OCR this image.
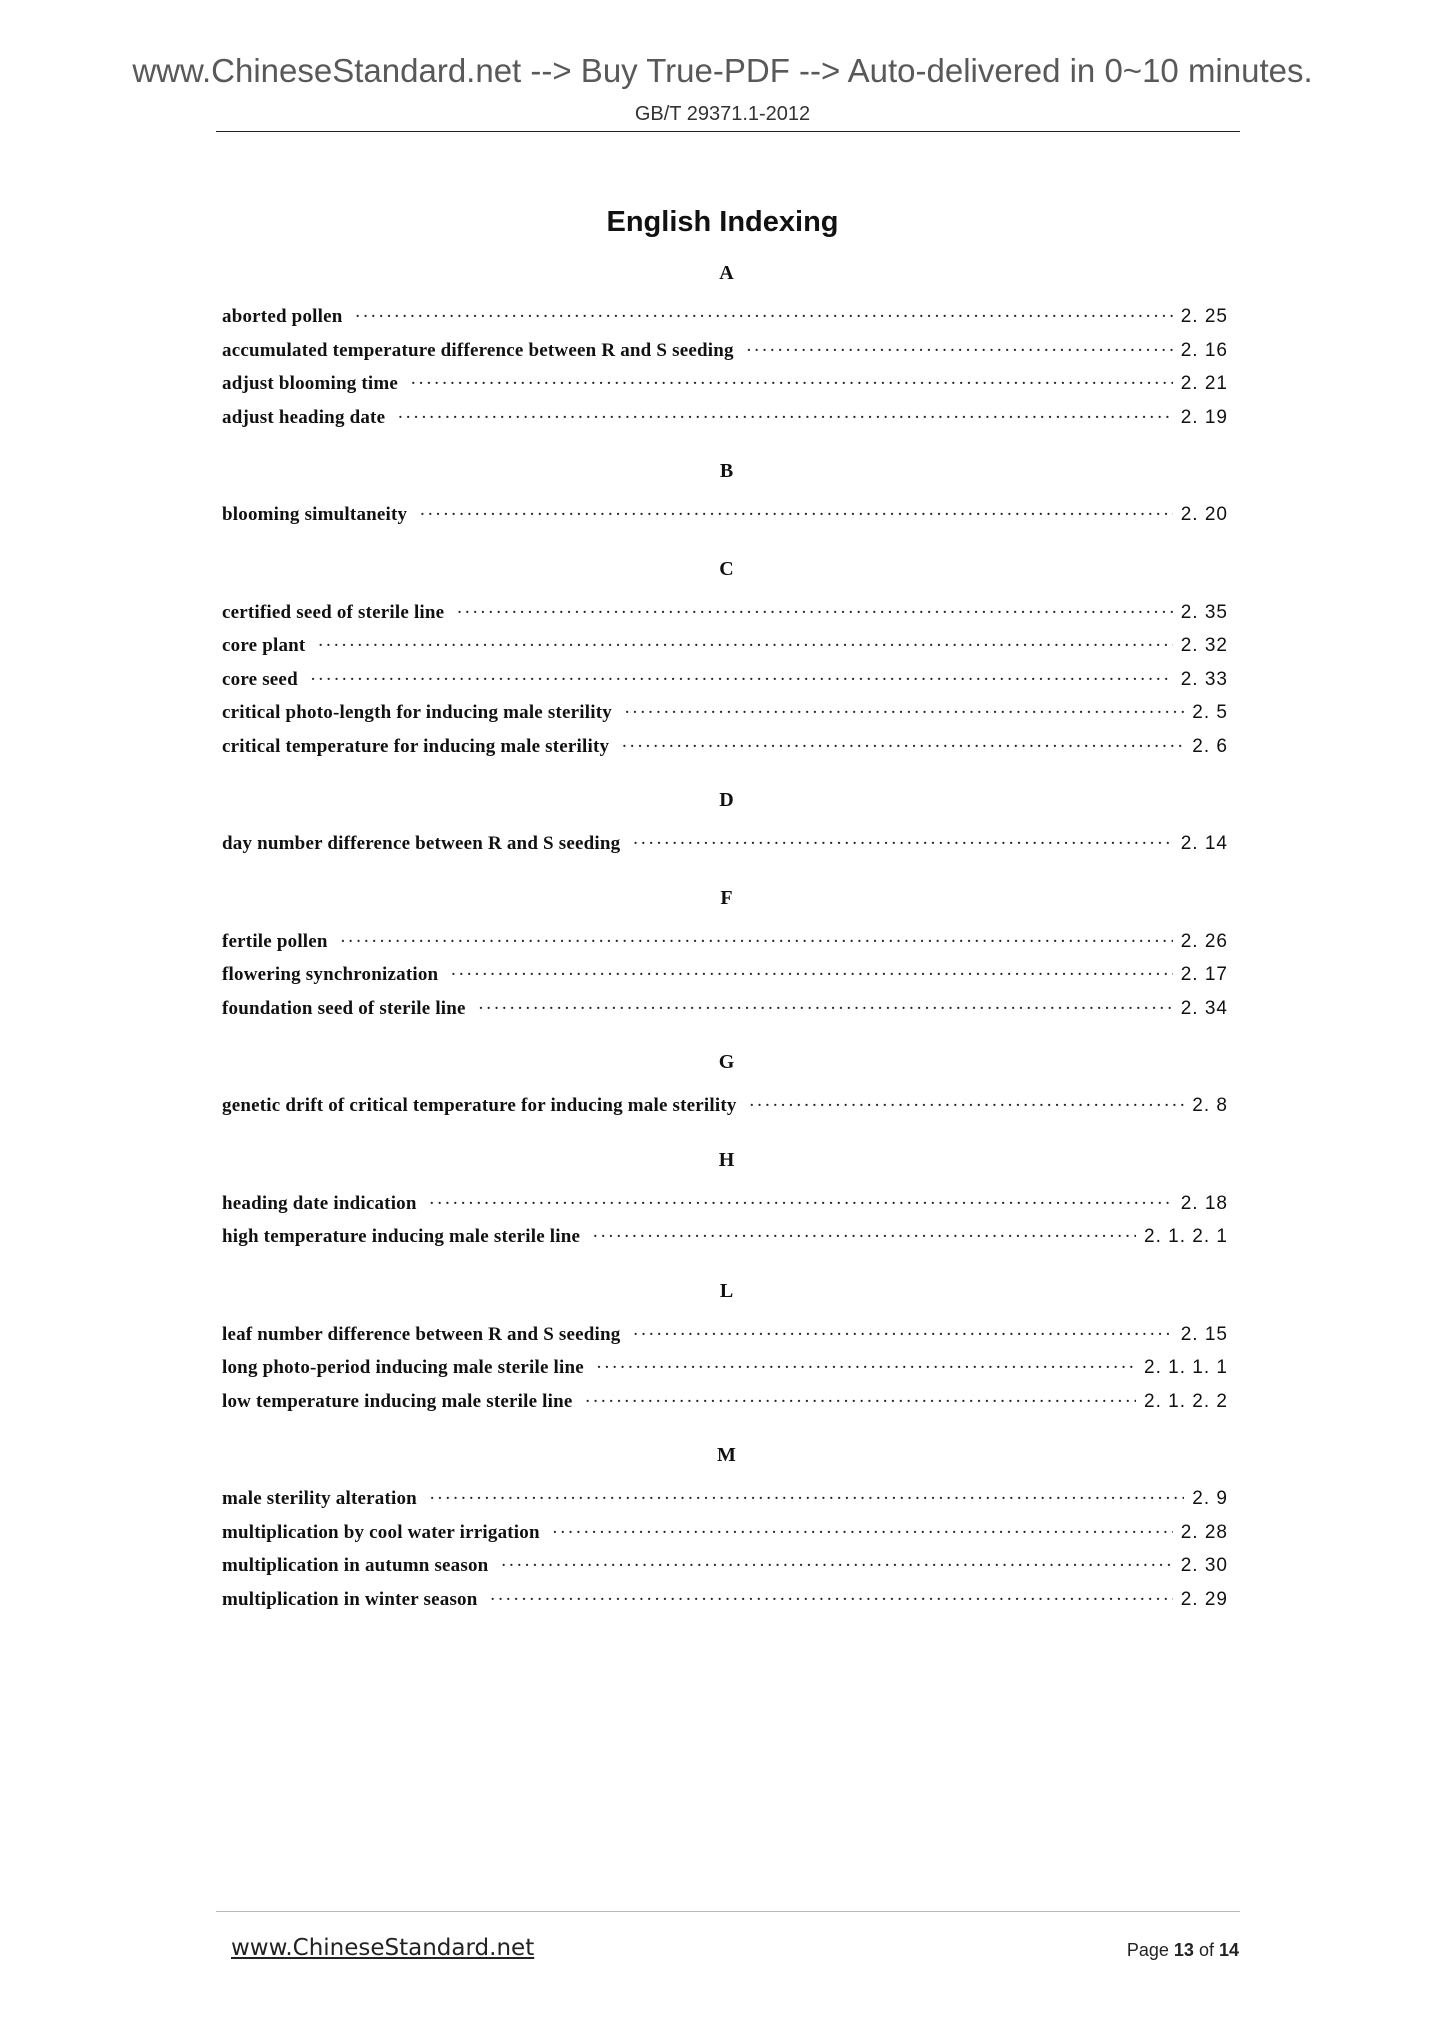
www.ChineseStandard.net --> Buy True-PDF --> Auto-delivered in 0~10 minutes.
GB/T 29371.1-2012
English Indexing
A
aborted pollen ·····	2. 25
accumulated temperature difference between R and S seeding ·····	2. 16
adjust blooming time ·····	2. 21
adjust heading date ·····	2. 19
B
blooming simultaneity ·····	2. 20
C
certified seed of sterile line ·····	2. 35
core plant ·····	2. 32
core seed ·····	2. 33
critical photo-length for inducing male sterility ·····	2. 5
critical temperature for inducing male sterility ·····	2. 6
D
day number difference between R and S seeding ·····	2. 14
F
fertile pollen ·····	2. 26
flowering synchronization ·····	2. 17
foundation seed of sterile line ·····	2. 34
G
genetic drift of critical temperature for inducing male sterility ·····	2. 8
H
heading date indication ·····	2. 18
high temperature inducing male sterile line ·····	2. 1. 2. 1
L
leaf number difference between R and S seeding ·····	2. 15
long photo-period inducing male sterile line ·····	2. 1. 1. 1
low temperature inducing male sterile line ·····	2. 1. 2. 2
M
male sterility alteration ·····	2. 9
multiplication by cool water irrigation ·····	2. 28
multiplication in autumn season ·····	2. 30
multiplication in winter season ·····	2. 29
www.ChineseStandard.net	Page 13 of 14
